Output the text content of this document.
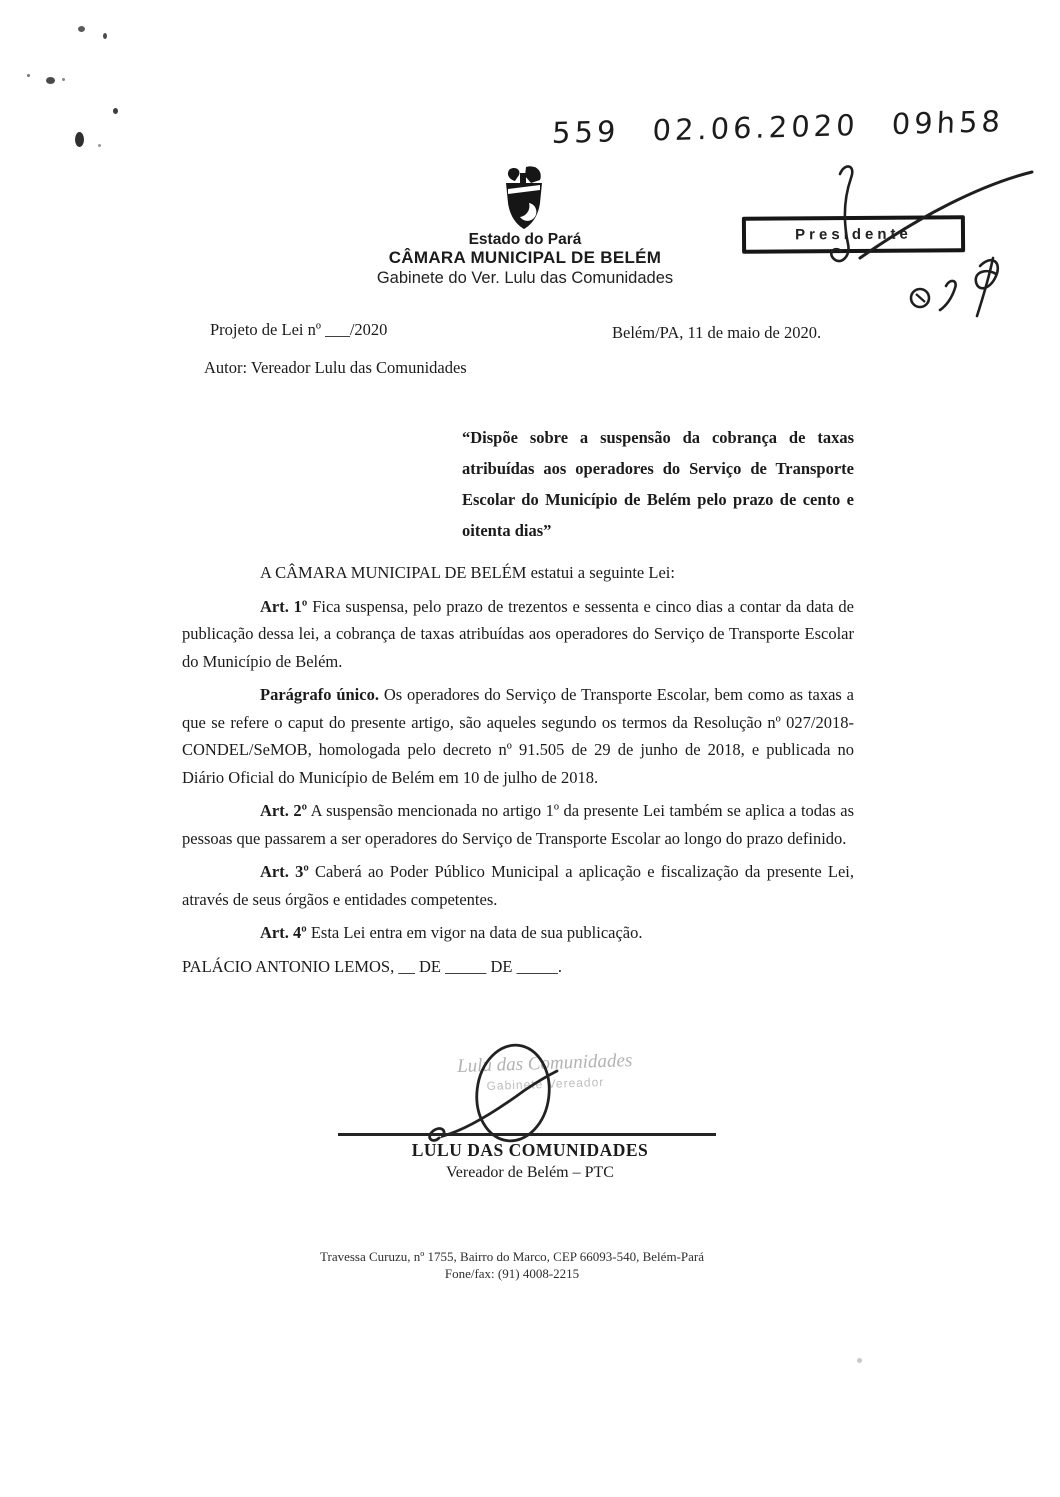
559 02.06.2020 09h58
Estado do Pará
CÂMARA MUNICIPAL DE BELÉM
Gabinete do Ver. Lulu das Comunidades
Presidente
Projeto de Lei nº ___/2020	Belém/PA, 11 de maio de 2020.
Autor: Vereador Lulu das Comunidades
“Dispõe sobre a suspensão da cobrança de taxas atribuídas aos operadores do Serviço de Transporte Escolar do Município de Belém pelo prazo de cento e oitenta dias”

A CÂMARA MUNICIPAL DE BELÉM estatui a seguinte Lei:

Art. 1º Fica suspensa, pelo prazo de trezentos e sessenta e cinco dias a contar da data de publicação dessa lei, a cobrança de taxas atribuídas aos operadores do Serviço de Transporte Escolar do Município de Belém.

Parágrafo único. Os operadores do Serviço de Transporte Escolar, bem como as taxas a que se refere o caput do presente artigo, são aqueles segundo os termos da Resolução nº 027/2018-CONDEL/SeMOB, homologada pelo decreto nº 91.505 de 29 de junho de 2018, e publicada no Diário Oficial do Município de Belém em 10 de julho de 2018.

Art. 2º A suspensão mencionada no artigo 1º da presente Lei também se aplica a todas as pessoas que passarem a ser operadores do Serviço de Transporte Escolar ao longo do prazo definido.

Art. 3º Caberá ao Poder Público Municipal a aplicação e fiscalização da presente Lei, através de seus órgãos e entidades competentes.

Art. 4º Esta Lei entra em vigor na data de sua publicação.

PALÁCIO ANTONIO LEMOS, __ DE _____ DE _____.

Lulu das Comunidades
Gabinete Vereador
LULU DAS COMUNIDADES
Vereador de Belém – PTC
Travessa Curuzu, nº 1755, Bairro do Marco, CEP 66093-540, Belém-Pará
Fone/fax: (91) 4008-2215
